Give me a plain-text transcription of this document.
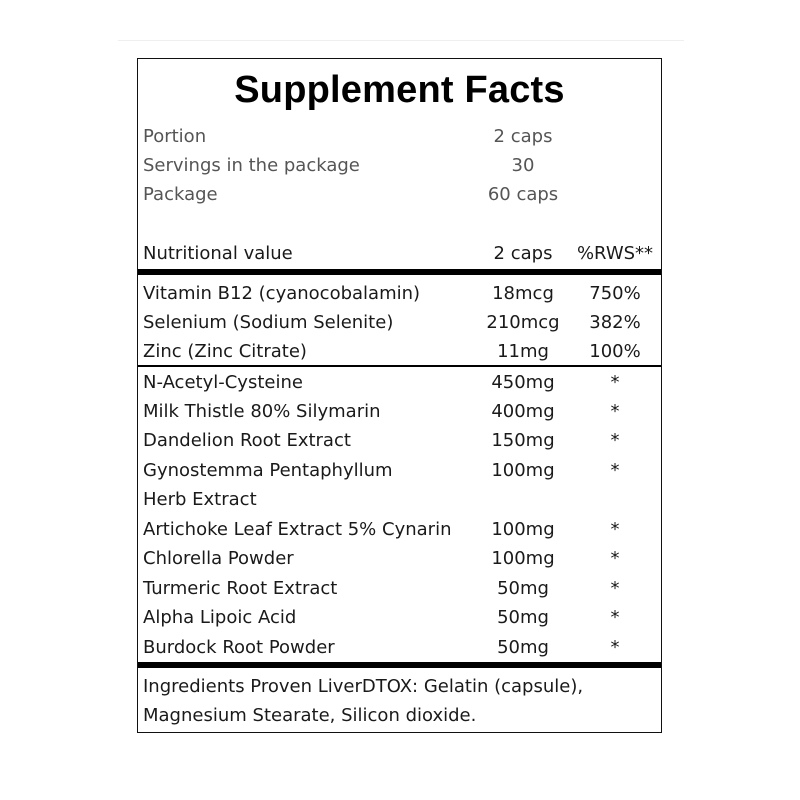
Supplement Facts
Portion	2 caps
Servings in the package	30
Package	60 caps
Nutritional value	2 caps	%RWS**
Vitamin B12 (cyanocobalamin)	18mcg	750%
Selenium (Sodium Selenite)	210mcg	382%
Zinc (Zinc Citrate)	11mg	100%
N-Acetyl-Cysteine	450mg	*
Milk Thistle 80% Silymarin	400mg	*
Dandelion Root Extract	150mg	*
Gynostemma Pentaphyllum	100mg	*
Herb Extract
Artichoke Leaf Extract 5% Cynarin	100mg	*
Chlorella Powder	100mg	*
Turmeric Root Extract	50mg	*
Alpha Lipoic Acid	50mg	*
Burdock Root Powder	50mg	*
Ingredients Proven LiverDTOX: Gelatin (capsule),
Magnesium Stearate, Silicon dioxide.
